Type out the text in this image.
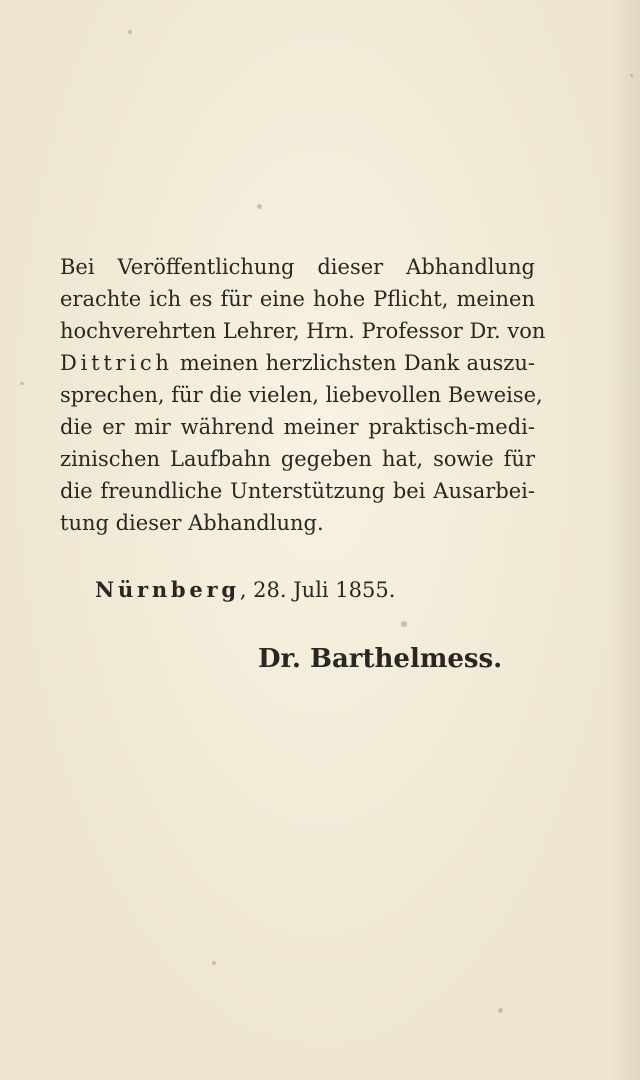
Bei Veröffentlichung dieser Abhandlung
erachte ich es für eine hohe Pflicht, meinen
hochverehrten Lehrer, Hrn. Professor Dr. von
Dittrich meinen herzlichsten Dank auszu-
sprechen, für die vielen, liebevollen Beweise,
die er mir während meiner praktisch-medi-
zinischen Laufbahn gegeben hat, sowie für
die freundliche Unterstützung bei Ausarbei-
tung dieser Abhandlung.

Nürnberg, 28. Juli 1855.

Dr. Barthelmess.
